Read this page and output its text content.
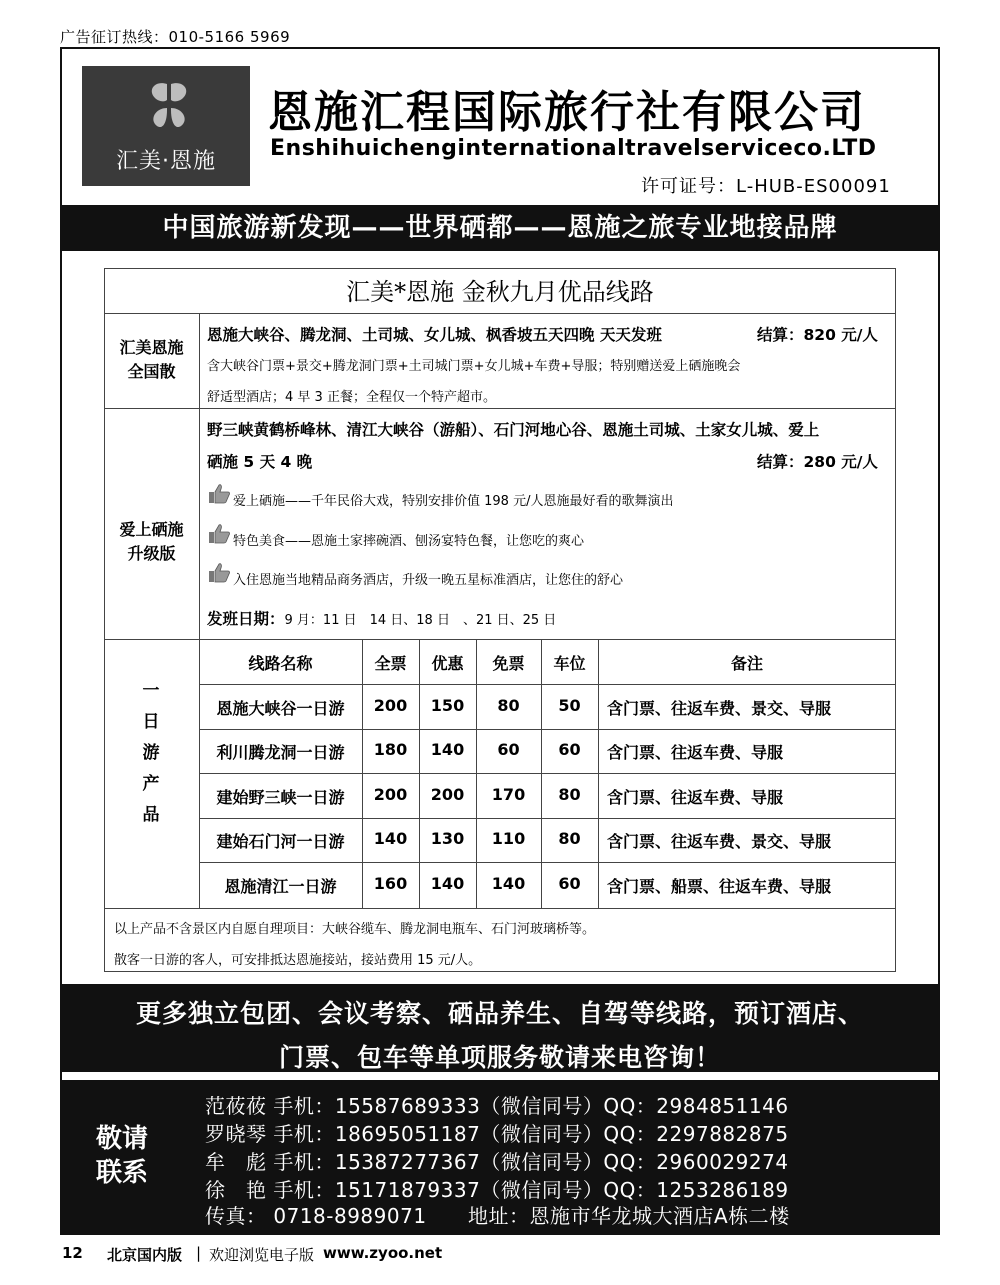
广告征订热线：010-5166 5969
汇美·恩施
恩施汇程国际旅行社有限公司
Enshihuichenginternationaltravelserviceco.LTD
许可证号：L-HUB-ES00091
中国旅游新发现——世界硒都——恩施之旅专业地接品牌
汇美*恩施 金秋九月优品线路
汇美恩施
全国散
恩施大峡谷、腾龙洞、土司城、女儿城、枫香坡五天四晚 天天发班	结算：820 元/人
含大峡谷门票+景交+腾龙洞门票+土司城门票+女儿城+车费+导服；特别赠送爱上硒施晚会
舒适型酒店；4 早 3 正餐；全程仅一个特产超市。
爱上硒施
升级版
野三峡黄鹤桥峰林、清江大峡谷（游船）、石门河地心谷、恩施土司城、土家女儿城、爱上
硒施 5 天 4 晚	结算：280 元/人
爱上硒施——千年民俗大戏，特别安排价值 198 元/人恩施最好看的歌舞演出
特色美食——恩施土家摔碗酒、刨汤宴特色餐，让您吃的爽心
入住恩施当地精品商务酒店，升级一晚五星标准酒店，让您住的舒心
发班日期：9 月：11 日　14 日、18 日　、21 日、25 日
一
日
游
产
品
线路名称	全票	优惠	免票	车位	备注
恩施大峡谷一日游	200	150	80	50	含门票、往返车费、景交、导服
利川腾龙洞一日游	180	140	60	60	含门票、往返车费、导服
建始野三峡一日游	200	200	170	80	含门票、往返车费、导服
建始石门河一日游	140	130	110	80	含门票、往返车费、景交、导服
恩施清江一日游	160	140	140	60	含门票、船票、往返车费、导服
以上产品不含景区内自愿自理项目：大峡谷缆车、腾龙洞电瓶车、石门河玻璃桥等。
散客一日游的客人，可安排抵达恩施接站，接站费用 15 元/人。
更多独立包团、会议考察、硒品养生、自驾等线路，预订酒店、
门票、包车等单项服务敬请来电咨询！
敬请
联系
范莜莜 手机：15587689333（微信同号）QQ：2984851146
罗晓琴 手机：18695051187（微信同号）QQ：2297882875
牟　彪 手机：15387277367（微信同号）QQ：2960029274
徐　艳 手机：15171879337（微信同号）QQ：1253286189
传真： 0718-8989071 地址：恩施市华龙城大酒店A栋二楼
12 北京国内版 | 欢迎浏览电子版 www.zyoo.net
